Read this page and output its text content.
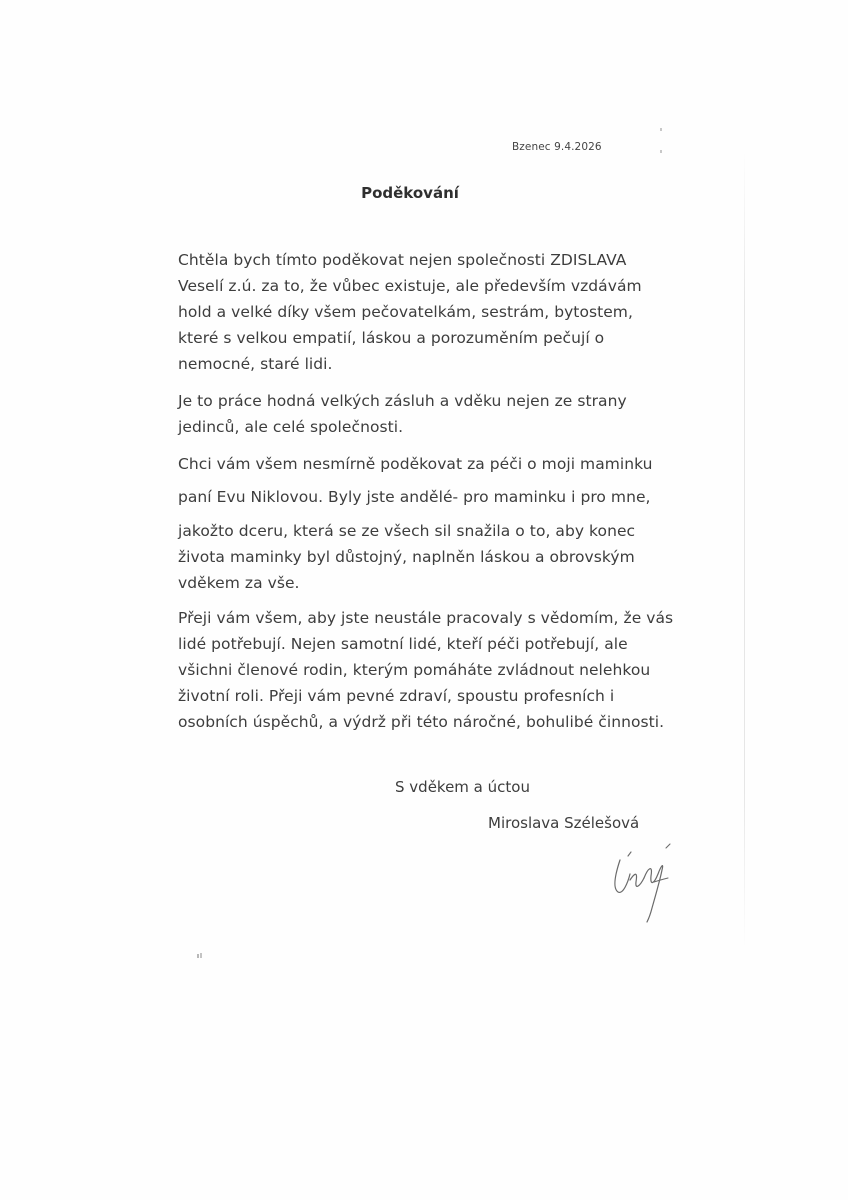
Bzenec 9.4.2026
Poděkování
Chtěla bych tímto poděkovat nejen společnosti ZDISLAVA
Veselí z.ú. za to, že vůbec existuje, ale především vzdávám
hold a velké díky všem pečovatelkám, sestrám, bytostem,
které s velkou empatií, láskou a porozuměním pečují o
nemocné, staré lidi.
Je to práce hodná velkých zásluh a vděku nejen ze strany
jedinců, ale celé společnosti.
Chci vám všem nesmírně poděkovat za péči o moji maminku
paní Evu Niklovou. Byly jste andělé- pro maminku i pro mne,
jakožto dceru, která se ze všech sil snažila o to, aby konec
života maminky byl důstojný, naplněn láskou a obrovským
vděkem za vše.
Přeji vám všem, aby jste neustále pracovaly s vědomím, že vás
lidé potřebují. Nejen samotní lidé, kteří péči potřebují, ale
všichni členové rodin, kterým pomáháte zvládnout nelehkou
životní roli. Přeji vám pevné zdraví, spoustu profesních i
osobních úspěchů, a výdrž při této náročné, bohulibé činnosti.
S vděkem a úctou
Miroslava Szélešová
